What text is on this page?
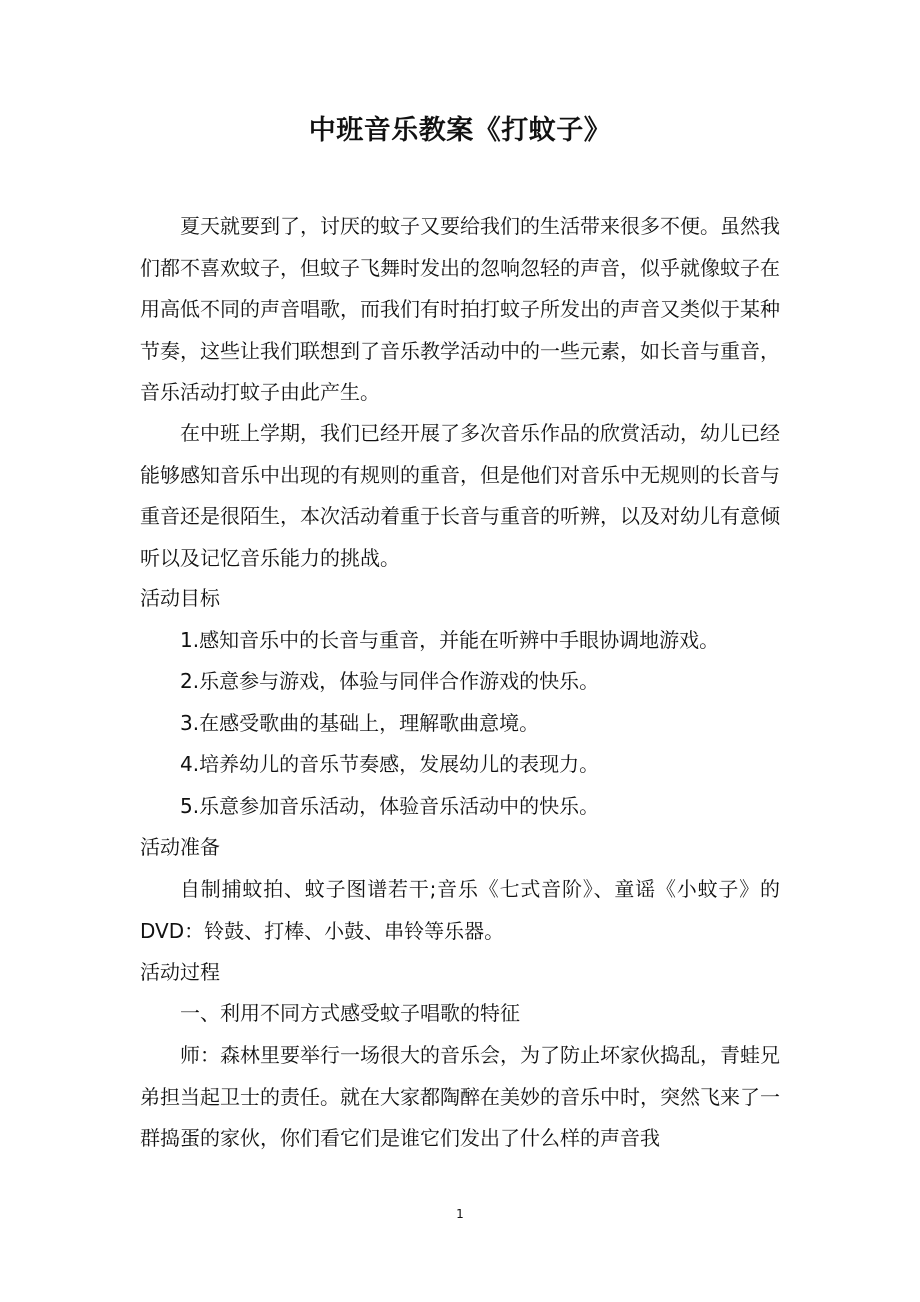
中班音乐教案《打蚊子》

夏天就要到了，讨厌的蚊子又要给我们的生活带来很多不便。虽然我们都不喜欢蚊子，但蚊子飞舞时发出的忽响忽轻的声音，似乎就像蚊子在用高低不同的声音唱歌，而我们有时拍打蚊子所发出的声音又类似于某种节奏，这些让我们联想到了音乐教学活动中的一些元素，如长音与重音，音乐活动打蚊子由此产生。

在中班上学期，我们已经开展了多次音乐作品的欣赏活动，幼儿已经能够感知音乐中出现的有规则的重音，但是他们对音乐中无规则的长音与重音还是很陌生，本次活动着重于长音与重音的听辨，以及对幼儿有意倾听以及记忆音乐能力的挑战。

活动目标
1.感知音乐中的长音与重音，并能在听辨中手眼协调地游戏。
2.乐意参与游戏，体验与同伴合作游戏的快乐。
3.在感受歌曲的基础上，理解歌曲意境。
4.培养幼儿的音乐节奏感，发展幼儿的表现力。
5.乐意参加音乐活动，体验音乐活动中的快乐。
活动准备

自制捕蚊拍、蚊子图谱若干;音乐《七式音阶》、童谣《小蚊子》的 DVD：铃鼓、打棒、小鼓、串铃等乐器。

活动过程
一、利用不同方式感受蚊子唱歌的特征

师：森林里要举行一场很大的音乐会，为了防止坏家伙捣乱，青蛙兄弟担当起卫士的责任。就在大家都陶醉在美妙的音乐中时，突然飞来了一群捣蛋的家伙，你们看它们是谁它们发出了什么样的声音我

1
